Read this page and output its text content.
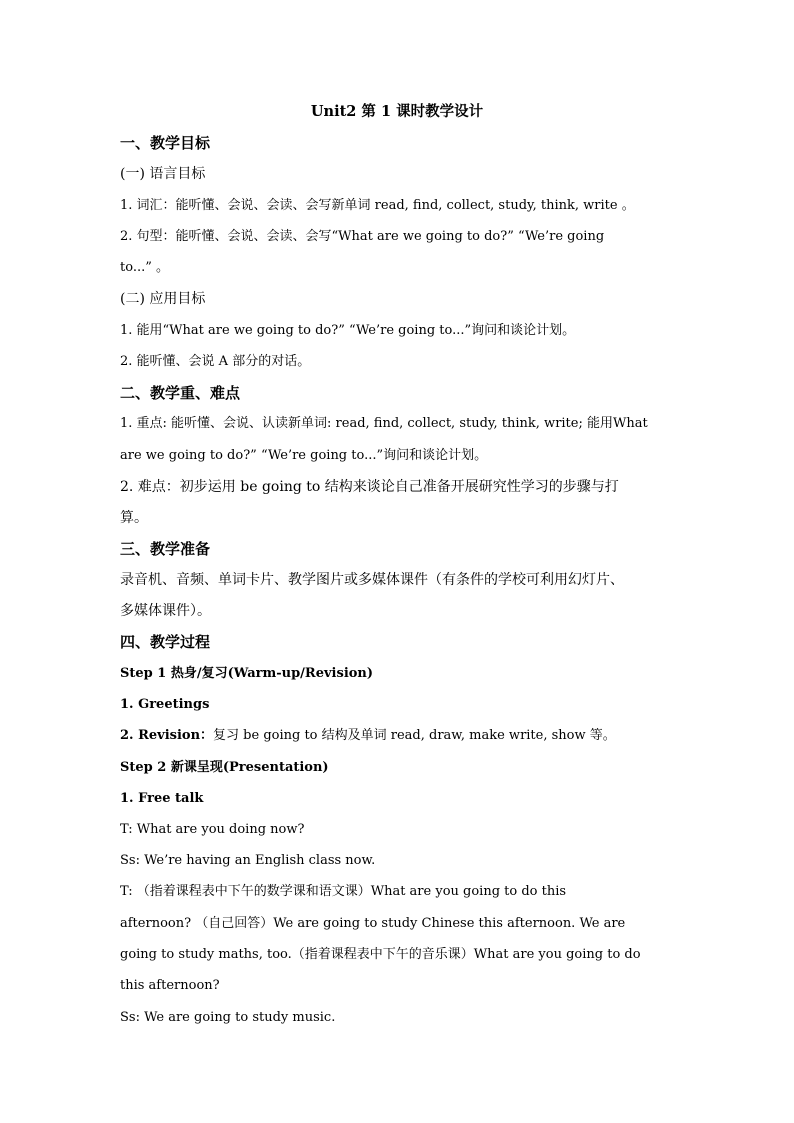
Unit2 第 1 课时教学设计
一、教学目标
(一) 语言目标
1. 词汇：能听懂、会说、会读、会写新单词 read, find, collect, study, think, write 。
2. 句型：能听懂、会说、会读、会写“What are we going to do?” “We’re going
to...” 。
(二) 应用目标
1. 能用“What are we going to do?” “We’re going to...”询问和谈论计划。
2. 能听懂、会说 A 部分的对话。
二、教学重、难点
1. 重点: 能听懂、会说、认读新单词: read, find, collect, study, think, write; 能用What
are we going to do?” “We’re going to...”询问和谈论计划。
2. 难点：初步运用 be going to 结构来谈论自己准备开展研究性学习的步骤与打
算。
三、教学准备
录音机、音频、单词卡片、教学图片或多媒体课件（有条件的学校可利用幻灯片、
多媒体课件）。
四、教学过程
Step 1 热身/复习(Warm-up/Revision)
1. Greetings
2. Revision：复习 be going to 结构及单词 read, draw, make write, show 等。
Step 2 新课呈现(Presentation)
1. Free talk
T: What are you doing now?
Ss: We’re having an English class now.
T: （指着课程表中下午的数学课和语文课）What are you going to do this
afternoon? （自己回答）We are going to study Chinese this afternoon. We are
going to study maths, too.（指着课程表中下午的音乐课）What are you going to do
this afternoon?
Ss: We are going to study music.
